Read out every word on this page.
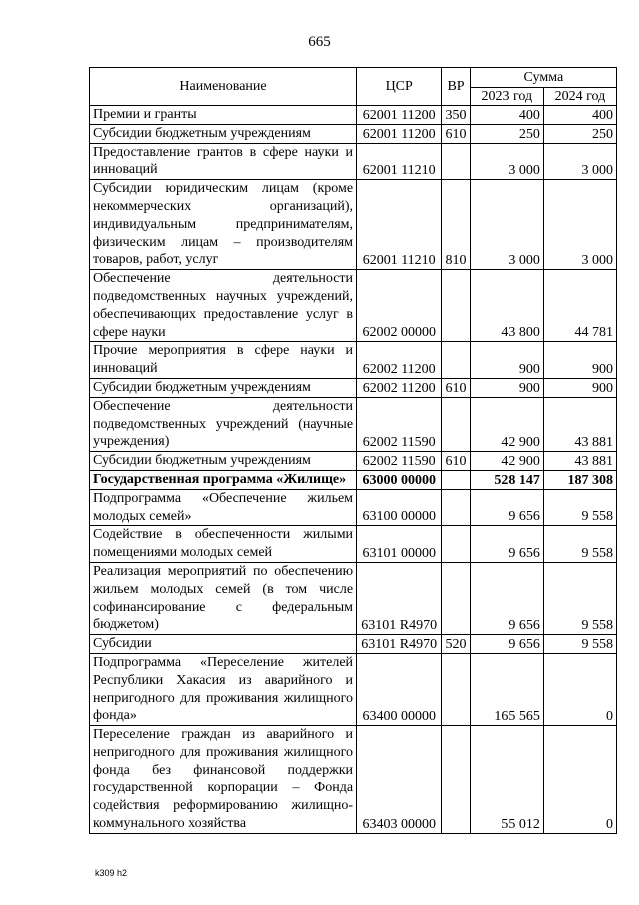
665
Наименование	ЦСР	ВР	Сумма	
			2023 год	2024 год
Премии и гранты	62001 11200	350	400	400
Субсидии бюджетным учреждениям	62001 11200	610	250	250
Предоставление грантов в сфере науки и инноваций	62001 11210		3 000	3 000
Субсидии юридическим лицам (кроме некоммерческих организаций), индивидуальным предпринимателям, физическим лицам – производителям товаров, работ, услуг	62001 11210	810	3 000	3 000
Обеспечение деятельности подведомственных научных учреждений, обеспечивающих предоставление услуг в сфере науки	62002 00000		43 800	44 781
Прочие мероприятия в сфере науки и инноваций	62002 11200		900	900
Субсидии бюджетным учреждениям	62002 11200	610	900	900
Обеспечение деятельности подведомственных учреждений (научные учреждения)	62002 11590		42 900	43 881
Субсидии бюджетным учреждениям	62002 11590	610	42 900	43 881
Государственная программа «Жилище»	63000 00000		528 147	187 308
Подпрограмма «Обеспечение жильем молодых семей»	63100 00000		9 656	9 558
Содействие в обеспеченности жилыми помещениями молодых семей	63101 00000		9 656	9 558
Реализация мероприятий по обеспечению жильем молодых семей (в том числе софинансирование с федеральным бюджетом)	63101 R4970		9 656	9 558
Субсидии	63101 R4970	520	9 656	9 558
Подпрограмма «Переселение жителей Республики Хакасия из аварийного и непригодного для проживания жилищного фонда»	63400 00000		165 565	0
Переселение граждан из аварийного и непригодного для проживания жилищного фонда без финансовой поддержки государственной корпорации – Фонда содействия реформированию жилищно-коммунального хозяйства	63403 00000		55 012	0
k309 h2
